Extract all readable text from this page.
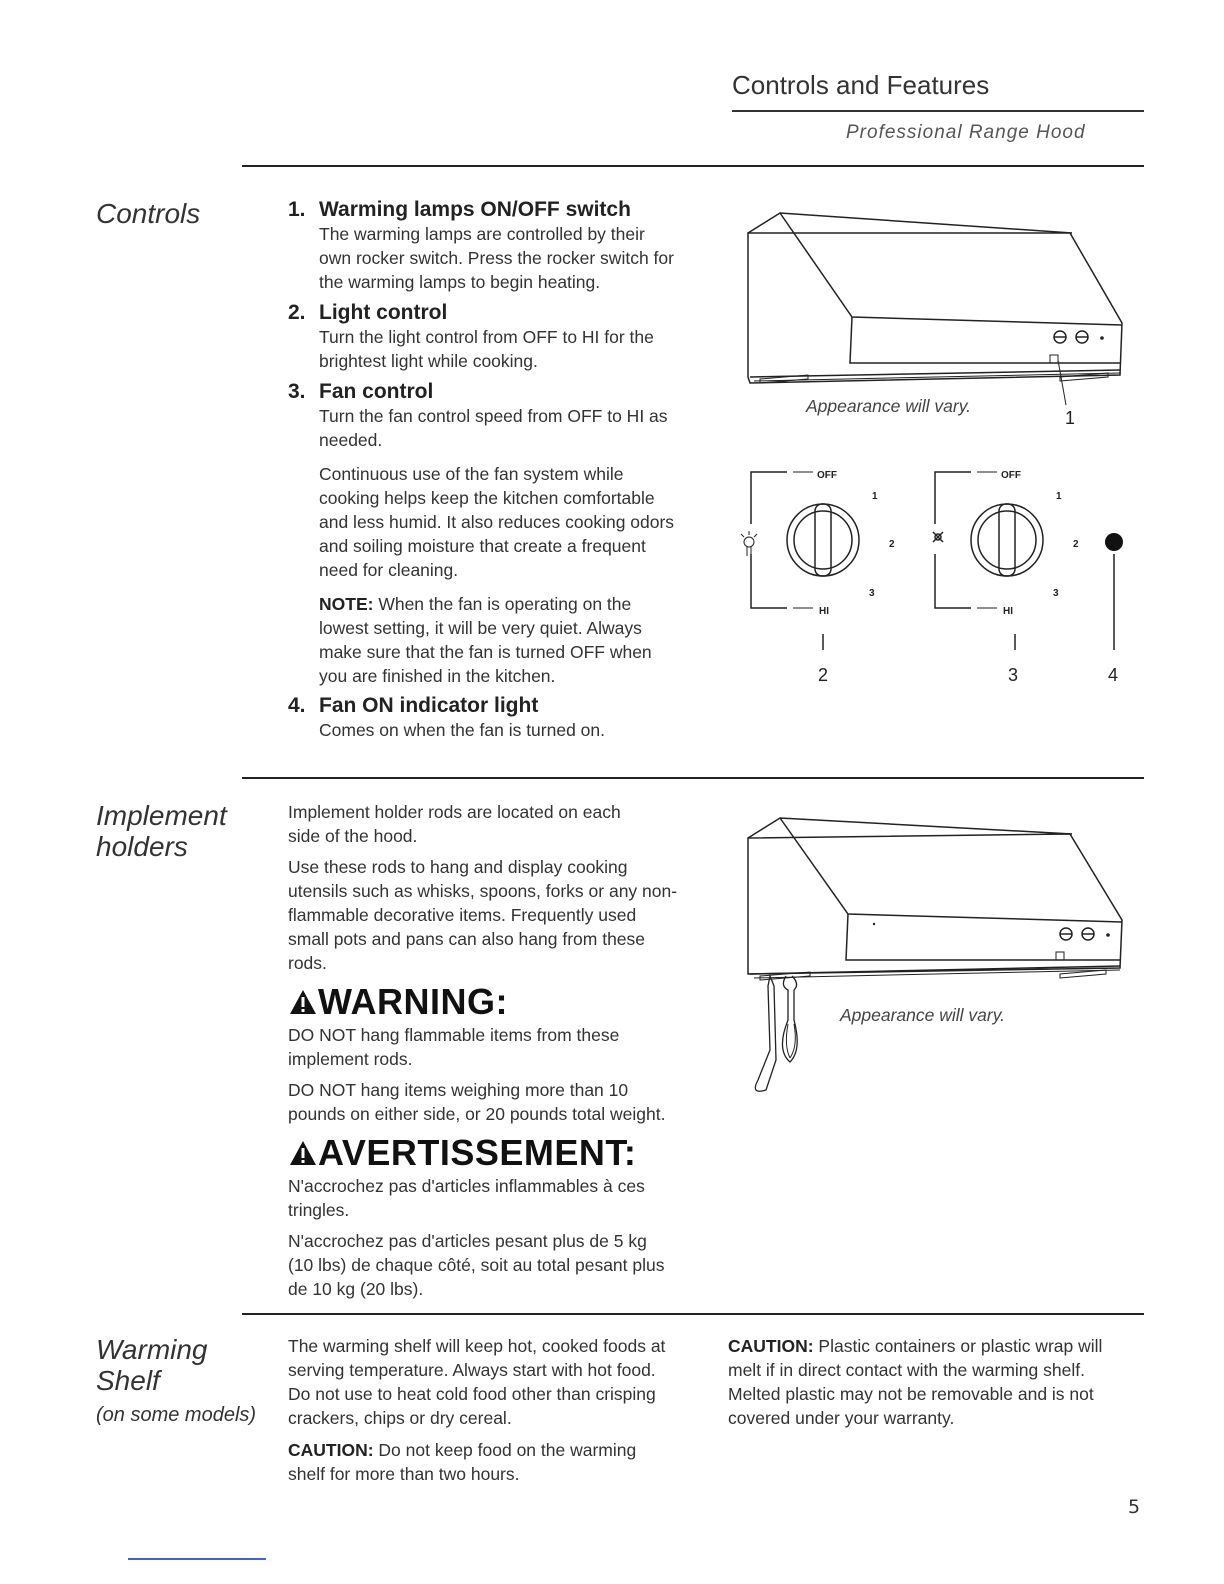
Controls and Features
Professional Range Hood
Controls	1. Warming lamps ON/OFF switch
The warming lamps are controlled by their
own rocker switch. Press the rocker switch for
the warming lamps to begin heating.
2. Light control
Turn the light control from OFF to HI for the
brightest light while cooking.
3. Fan control
Turn the fan control speed from OFF to HI as
needed.
Continuous use of the fan system while
cooking helps keep the kitchen comfortable
and less humid. It also reduces cooking odors
and soiling moisture that create a frequent
need for cleaning.
NOTE: When the fan is operating on the
lowest setting, it will be very quiet. Always
make sure that the fan is turned OFF when
you are finished in the kitchen.
4. Fan ON indicator light
Comes on when the fan is turned on.
Appearance will vary.
1
OFF
1
2
3
HI
OFF
1
2
3
HI
2	3	4
Implement
holders
Implement holder rods are located on each
side of the hood.
Use these rods to hang and display cooking
utensils such as whisks, spoons, forks or any non-
flammable decorative items. Frequently used
small pots and pans can also hang from these
rods.
WARNING:
DO NOT hang flammable items from these
implement rods.
DO NOT hang items weighing more than 10
pounds on either side, or 20 pounds total weight.
AVERTISSEMENT:
N'accrochez pas d'articles inflammables à ces
tringles.
N'accrochez pas d'articles pesant plus de 5 kg
(10 lbs) de chaque côté, soit au total pesant plus
de 10 kg (20 lbs).
Appearance will vary.
Warming
Shelf
(on some models)
The warming shelf will keep hot, cooked foods at
serving temperature. Always start with hot food.
Do not use to heat cold food other than crisping
crackers, chips or dry cereal.
CAUTION: Do not keep food on the warming
shelf for more than two hours.
CAUTION: Plastic containers or plastic wrap will
melt if in direct contact with the warming shelf.
Melted plastic may not be removable and is not
covered under your warranty.
5
